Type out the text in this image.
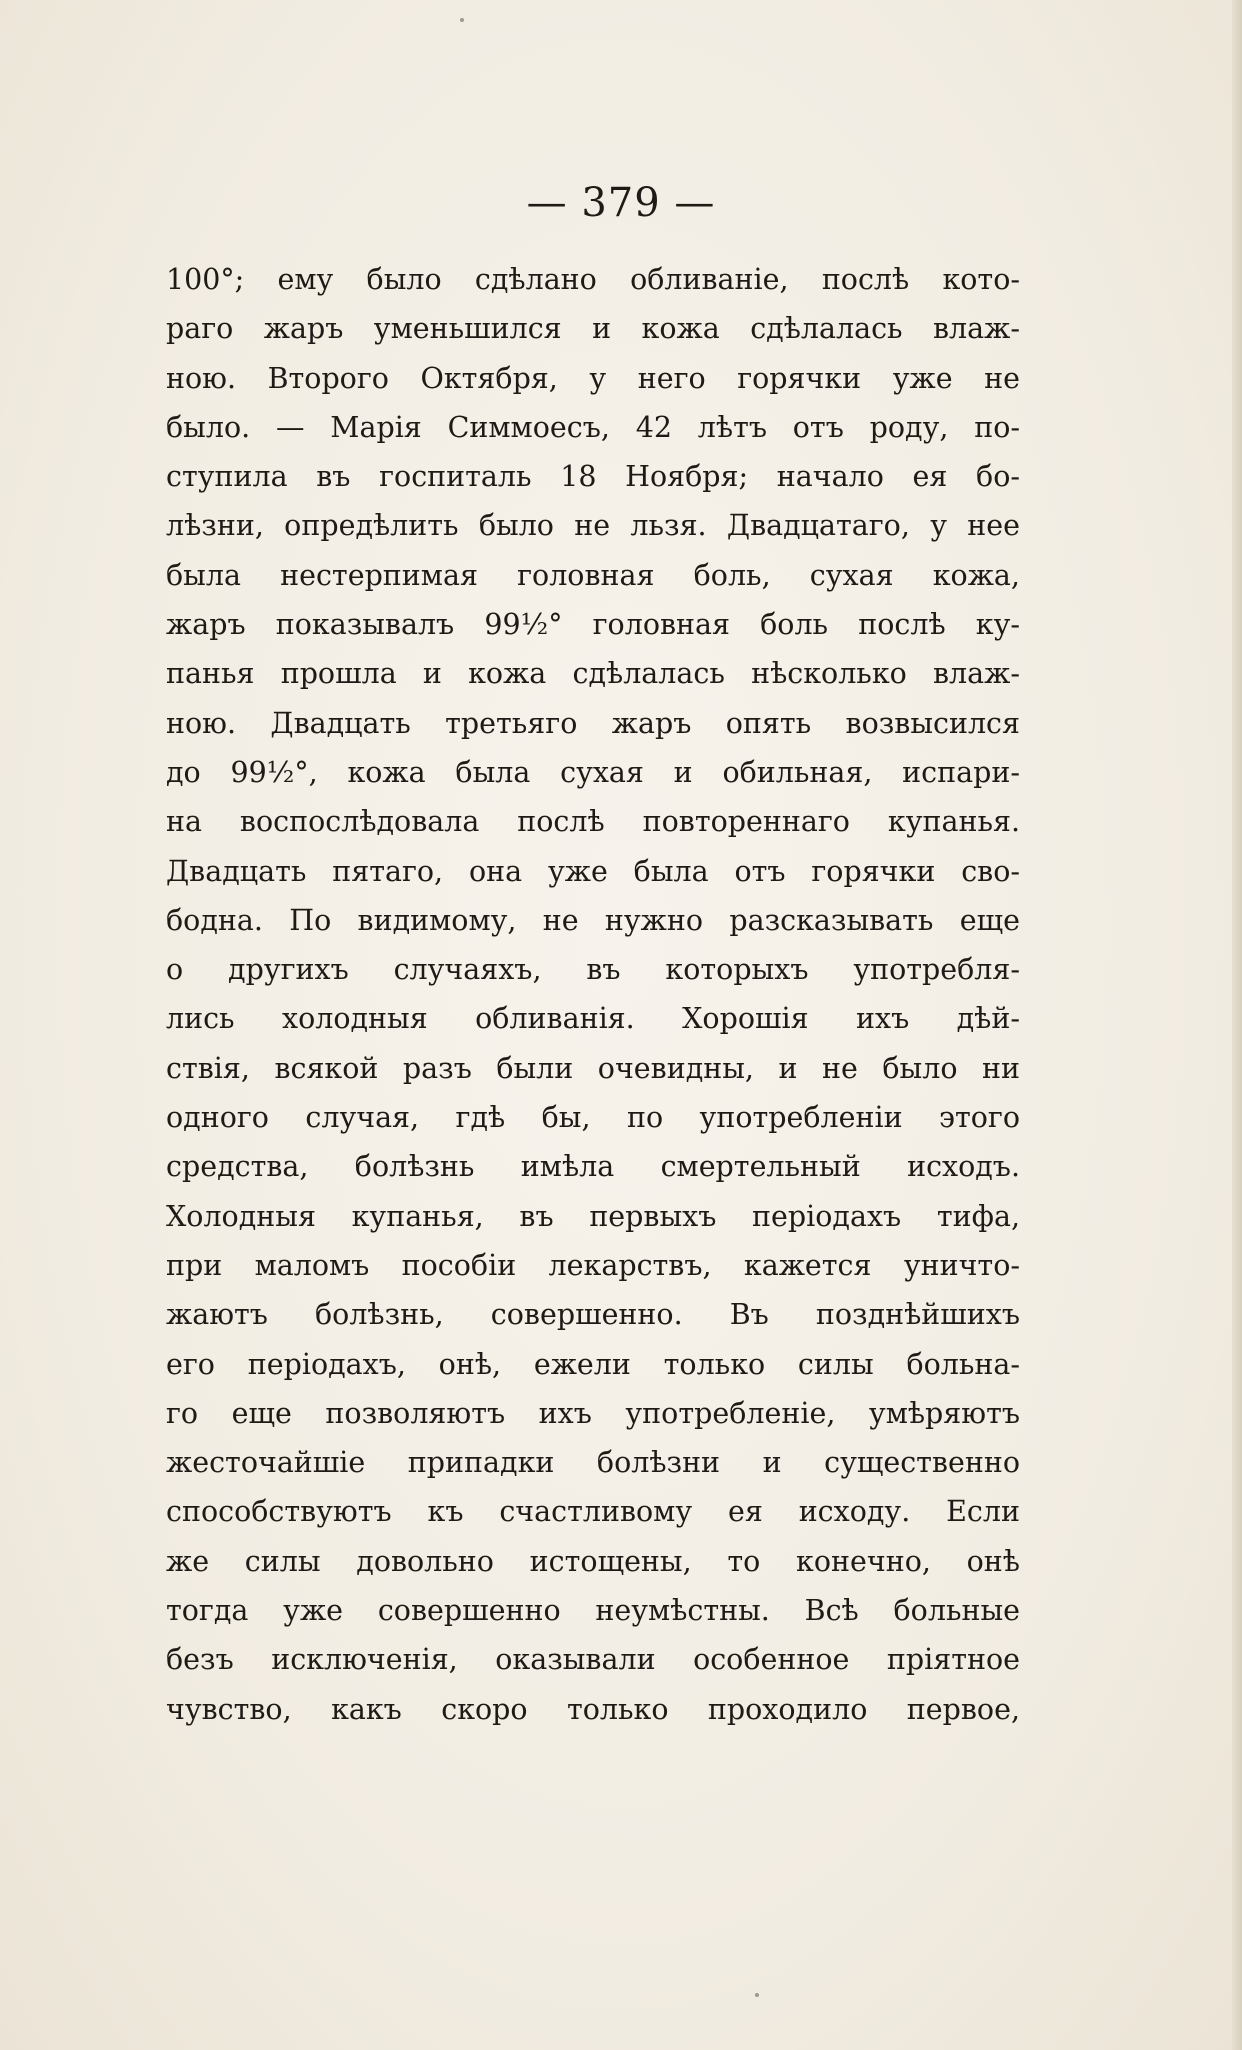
— 379 —
100°; ему было сдѣлано обливанiе, послѣ кото-
раго жаръ уменьшился и кожа сдѣлалась влаж-
ною. Второго Октября, у него горячки уже не
было. — Марiя Симмоесъ, 42 лѣтъ отъ роду, по-
ступила въ госпиталь 18 Ноября; начало ея бо-
лѣзни, опредѣлить было не льзя. Двадцатаго, у нее
была нестерпимая головная боль, сухая кожа,
жаръ показывалъ 99½° головная боль послѣ ку-
панья прошла и кожа сдѣлалась нѣсколько влаж-
ною. Двадцать третьяго жаръ опять возвысился
до 99½°, кожа была сухая и обильная, испари-
на воспослѣдовала послѣ повтореннаго купанья.
Двадцать пятаго, она уже была отъ горячки сво-
бодна. По видимому, не нужно разсказывать еще
о другихъ случаяхъ, въ которыхъ употребля-
лись холодныя обливанiя. Хорошiя ихъ дѣй-
ствiя, всякой разъ были очевидны, и не было ни
одного случая, гдѣ бы, по употребленiи этого
средства, болѣзнь имѣла смертельный исходъ.
Холодныя купанья, въ первыхъ перiодахъ тифа,
при маломъ пособiи лекарствъ, кажется уничто-
жаютъ болѣзнь, совершенно. Въ позднѣйшихъ
его перiодахъ, онѣ, ежели только силы больна-
го еще позволяютъ ихъ употребленiе, умѣряютъ
жесточайшiе припадки болѣзни и существенно
способствуютъ къ счастливому ея исходу. Если
же силы довольно истощены, то конечно, онѣ
тогда уже совершенно неумѣстны. Всѣ больные
безъ исключенiя, оказывали особенное прiятное
чувство, какъ скоро только проходило первое,
